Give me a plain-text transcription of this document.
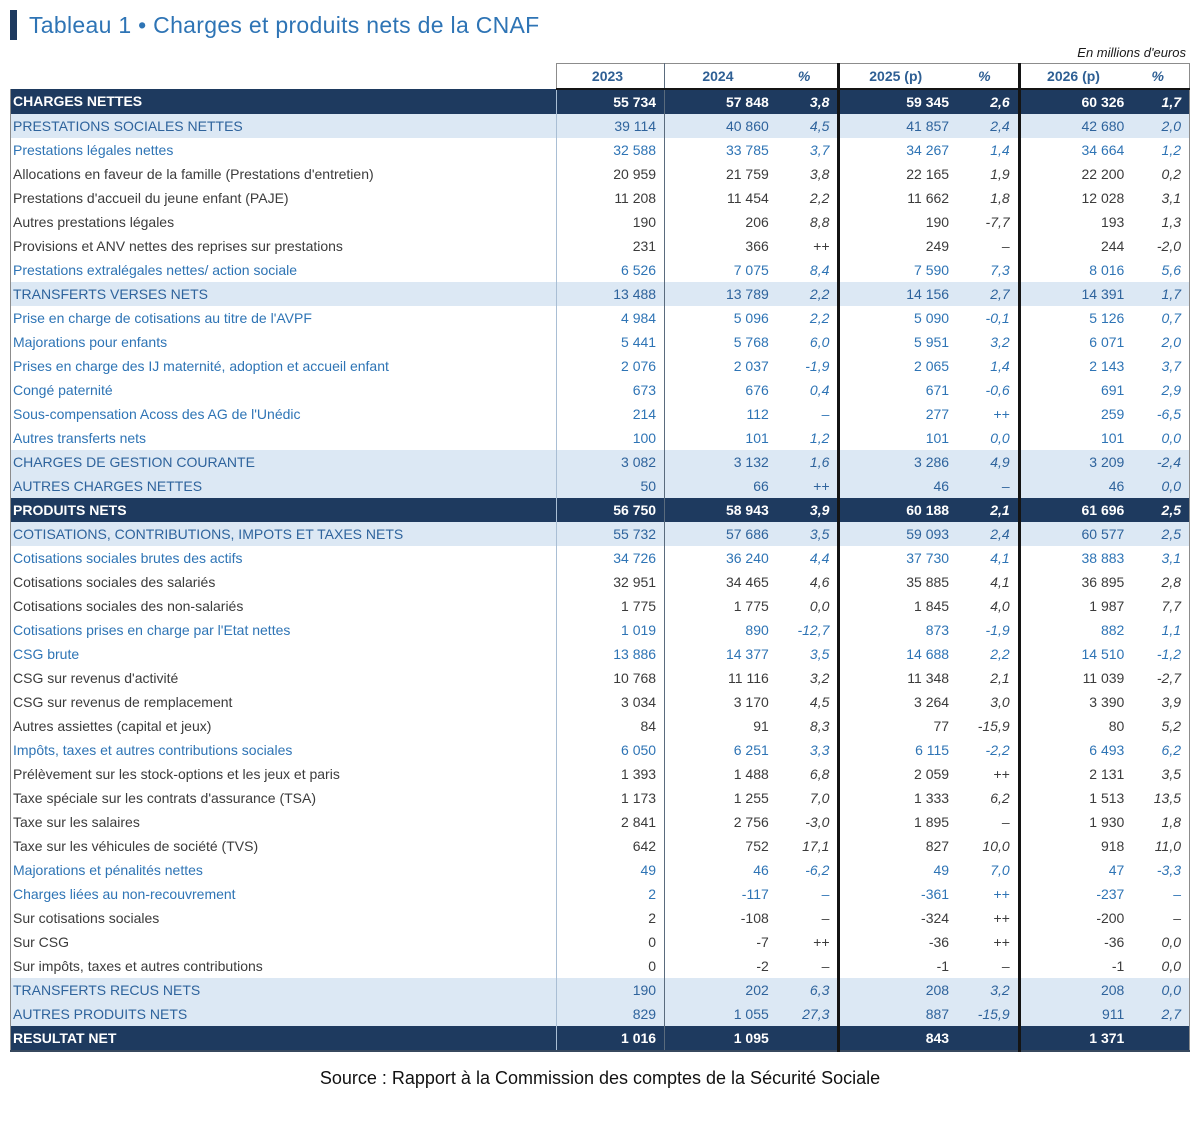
Tableau 1 • Charges et produits nets de la CNAF
En millions d'euros
	2023	2024	%	2025 (p)	%	2026 (p)	%
CHARGES NETTES	55 734	57 848	3,8	59 345	2,6	60 326	1,7
PRESTATIONS SOCIALES NETTES	39 114	40 860	4,5	41 857	2,4	42 680	2,0
Prestations légales nettes	32 588	33 785	3,7	34 267	1,4	34 664	1,2
Allocations en faveur de la famille (Prestations d'entretien)	20 959	21 759	3,8	22 165	1,9	22 200	0,2
Prestations d'accueil du jeune enfant (PAJE)	11 208	11 454	2,2	11 662	1,8	12 028	3,1
Autres prestations légales	190	206	8,8	190	-7,7	193	1,3
Provisions et ANV nettes des reprises sur prestations	231	366	++	249	–	244	-2,0
Prestations extralégales nettes/ action sociale	6 526	7 075	8,4	7 590	7,3	8 016	5,6
TRANSFERTS VERSES NETS	13 488	13 789	2,2	14 156	2,7	14 391	1,7
Prise en charge de cotisations au titre de l'AVPF	4 984	5 096	2,2	5 090	-0,1	5 126	0,7
Majorations pour enfants	5 441	5 768	6,0	5 951	3,2	6 071	2,0
Prises en charge des IJ maternité, adoption et accueil enfant	2 076	2 037	-1,9	2 065	1,4	2 143	3,7
Congé paternité	673	676	0,4	671	-0,6	691	2,9
Sous-compensation Acoss des AG de l'Unédic	214	112	–	277	++	259	-6,5
Autres transferts nets	100	101	1,2	101	0,0	101	0,0
CHARGES DE GESTION COURANTE	3 082	3 132	1,6	3 286	4,9	3 209	-2,4
AUTRES CHARGES NETTES	50	66	++	46	–	46	0,0
PRODUITS NETS	56 750	58 943	3,9	60 188	2,1	61 696	2,5
COTISATIONS, CONTRIBUTIONS, IMPOTS ET TAXES NETS	55 732	57 686	3,5	59 093	2,4	60 577	2,5
Cotisations sociales brutes des actifs	34 726	36 240	4,4	37 730	4,1	38 883	3,1
Cotisations sociales des salariés	32 951	34 465	4,6	35 885	4,1	36 895	2,8
Cotisations sociales des non-salariés	1 775	1 775	0,0	1 845	4,0	1 987	7,7
Cotisations prises en charge par l'Etat nettes	1 019	890	-12,7	873	-1,9	882	1,1
CSG brute	13 886	14 377	3,5	14 688	2,2	14 510	-1,2
CSG sur revenus d'activité	10 768	11 116	3,2	11 348	2,1	11 039	-2,7
CSG sur revenus de remplacement	3 034	3 170	4,5	3 264	3,0	3 390	3,9
Autres assiettes (capital et jeux)	84	91	8,3	77	-15,9	80	5,2
Impôts, taxes et autres contributions sociales	6 050	6 251	3,3	6 115	-2,2	6 493	6,2
Prélèvement sur les stock-options et les jeux et paris	1 393	1 488	6,8	2 059	++	2 131	3,5
Taxe spéciale sur les contrats d'assurance (TSA)	1 173	1 255	7,0	1 333	6,2	1 513	13,5
Taxe sur les salaires	2 841	2 756	-3,0	1 895	–	1 930	1,8
Taxe sur les véhicules de société (TVS)	642	752	17,1	827	10,0	918	11,0
Majorations et pénalités nettes	49	46	-6,2	49	7,0	47	-3,3
Charges liées au non-recouvrement	2	-117	–	-361	++	-237	–
Sur cotisations sociales	2	-108	–	-324	++	-200	–
Sur CSG	0	-7	++	-36	++	-36	0,0
Sur impôts, taxes et autres contributions	0	-2	–	-1	–	-1	0,0
TRANSFERTS RECUS NETS	190	202	6,3	208	3,2	208	0,0
AUTRES PRODUITS NETS	829	1 055	27,3	887	-15,9	911	2,7
RESULTAT NET	1 016	1 095		843		1 371	
Source : Rapport à la Commission des comptes de la Sécurité Sociale
